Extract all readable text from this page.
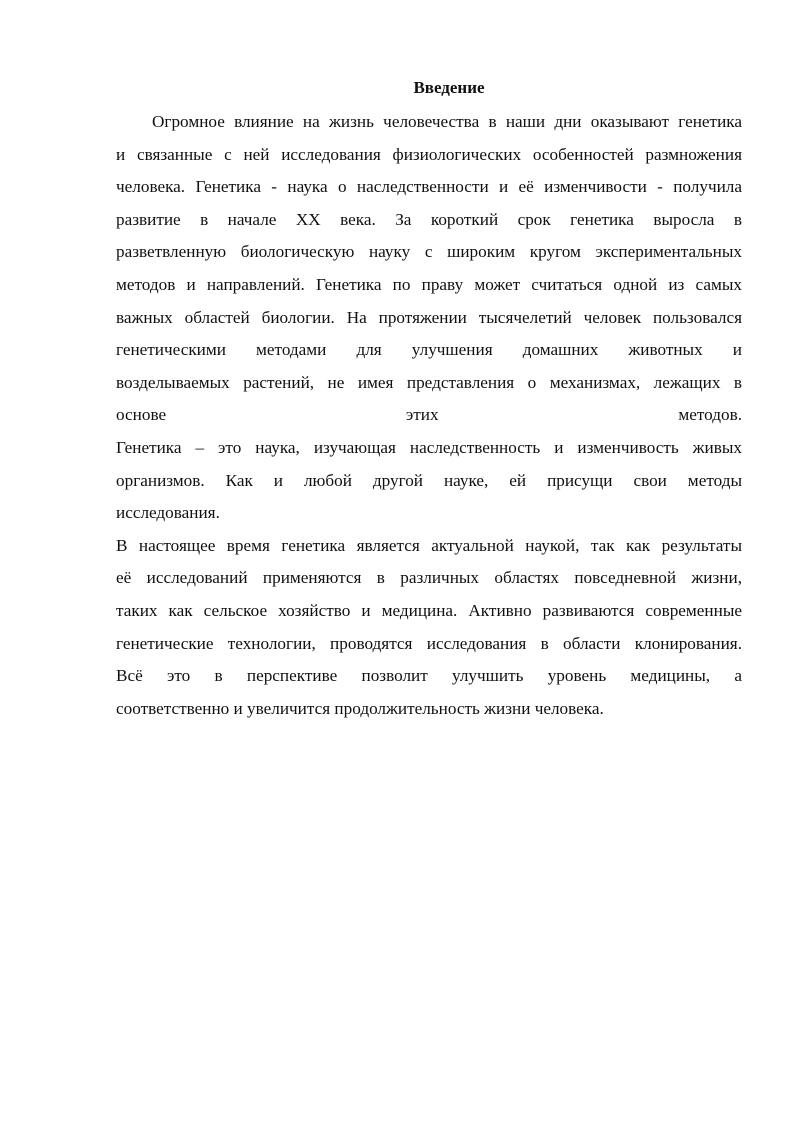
Введение
Огромное влияние на жизнь человечества в наши дни оказывают генетика
и связанные с ней исследования физиологических особенностей размножения
человека. Генетика - наука о наследственности и её изменчивости - получила
развитие в начале XX века. За короткий срок генетика выросла в
разветвленную биологическую науку с широким кругом экспериментальных
методов и направлений. Генетика по праву может считаться одной из самых
важных областей биологии. На протяжении тысячелетий человек пользовался
генетическими методами для улучшения домашних животных и
возделываемых растений, не имея представления о механизмах, лежащих в
основе этих методов.
Генетика – это наука, изучающая наследственность и изменчивость живых
организмов. Как и любой другой науке, ей присущи свои методы
исследования.
В настоящее время генетика является актуальной наукой, так как результаты
её исследований применяются в различных областях повседневной жизни,
таких как сельское хозяйство и медицина. Активно развиваются современные
генетические технологии, проводятся исследования в области клонирования.
Всё это в перспективе позволит улучшить уровень медицины, а
соответственно и увеличится продолжительность жизни человека.
